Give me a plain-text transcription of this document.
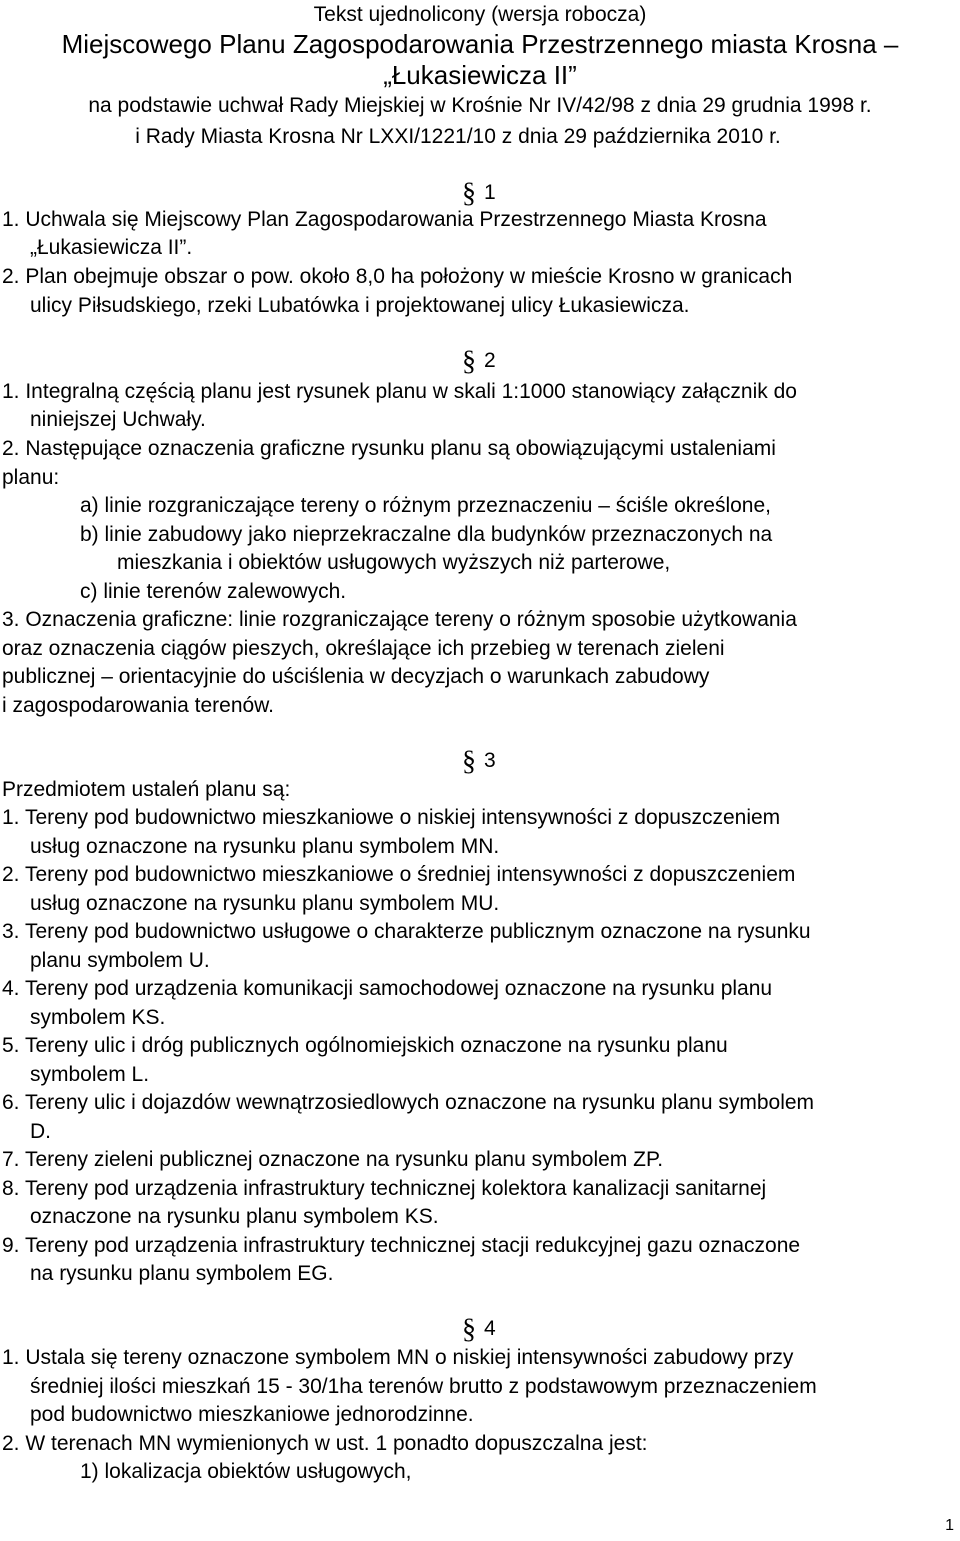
Tekst ujednolicony (wersja robocza)
Miejscowego Planu Zagospodarowania Przestrzennego miasta Krosna –
„Łukasiewicza II”
na podstawie uchwał Rady Miejskiej w Krośnie Nr IV/42/98 z dnia 29 grudnia 1998 r.
i Rady Miasta Krosna Nr LXXI/1221/10 z dnia 29 października 2010 r.
§ 1
1. Uchwala się Miejscowy Plan Zagospodarowania Przestrzennego Miasta Krosna
„Łukasiewicza II”.
2. Plan obejmuje obszar o pow. około 8,0 ha położony w mieście Krosno w granicach
ulicy Piłsudskiego, rzeki Lubatówka i projektowanej ulicy Łukasiewicza.
§ 2
1. Integralną częścią planu jest rysunek planu w skali 1:1000 stanowiący załącznik do
niniejszej Uchwały.
2. Następujące oznaczenia graficzne rysunku planu są obowiązującymi ustaleniami
planu:
a) linie rozgraniczające tereny o różnym przeznaczeniu – ściśle określone,
b) linie zabudowy jako nieprzekraczalne dla budynków przeznaczonych na
mieszkania i obiektów usługowych wyższych niż parterowe,
c) linie terenów zalewowych.
3. Oznaczenia graficzne: linie rozgraniczające tereny o różnym sposobie użytkowania
oraz oznaczenia ciągów pieszych, określające ich przebieg w terenach zieleni
publicznej – orientacyjnie do uściślenia w decyzjach o warunkach zabudowy
i zagospodarowania terenów.
§ 3
Przedmiotem ustaleń planu są:
1. Tereny pod budownictwo mieszkaniowe o niskiej intensywności z dopuszczeniem
usług oznaczone na rysunku planu symbolem MN.
2. Tereny pod budownictwo mieszkaniowe o średniej intensywności z dopuszczeniem
usług oznaczone na rysunku planu symbolem MU.
3. Tereny pod budownictwo usługowe o charakterze publicznym oznaczone na rysunku
planu symbolem U.
4. Tereny pod urządzenia komunikacji samochodowej oznaczone na rysunku planu
symbolem KS.
5. Tereny ulic i dróg publicznych ogólnomiejskich oznaczone na rysunku planu
symbolem L.
6. Tereny ulic i dojazdów wewnątrzosiedlowych oznaczone na rysunku planu symbolem
D.
7. Tereny zieleni publicznej oznaczone na rysunku planu symbolem ZP.
8. Tereny pod urządzenia infrastruktury technicznej kolektora kanalizacji sanitarnej
oznaczone na rysunku planu symbolem KS.
9. Tereny pod urządzenia infrastruktury technicznej stacji redukcyjnej gazu oznaczone
na rysunku planu symbolem EG.
§ 4
1. Ustala się tereny oznaczone symbolem MN o niskiej intensywności zabudowy przy
średniej ilości mieszkań 15 - 30/1ha terenów brutto z podstawowym przeznaczeniem
pod budownictwo mieszkaniowe jednorodzinne.
2. W terenach MN wymienionych w ust. 1 ponadto dopuszczalna jest:
1) lokalizacja obiektów usługowych,
1
